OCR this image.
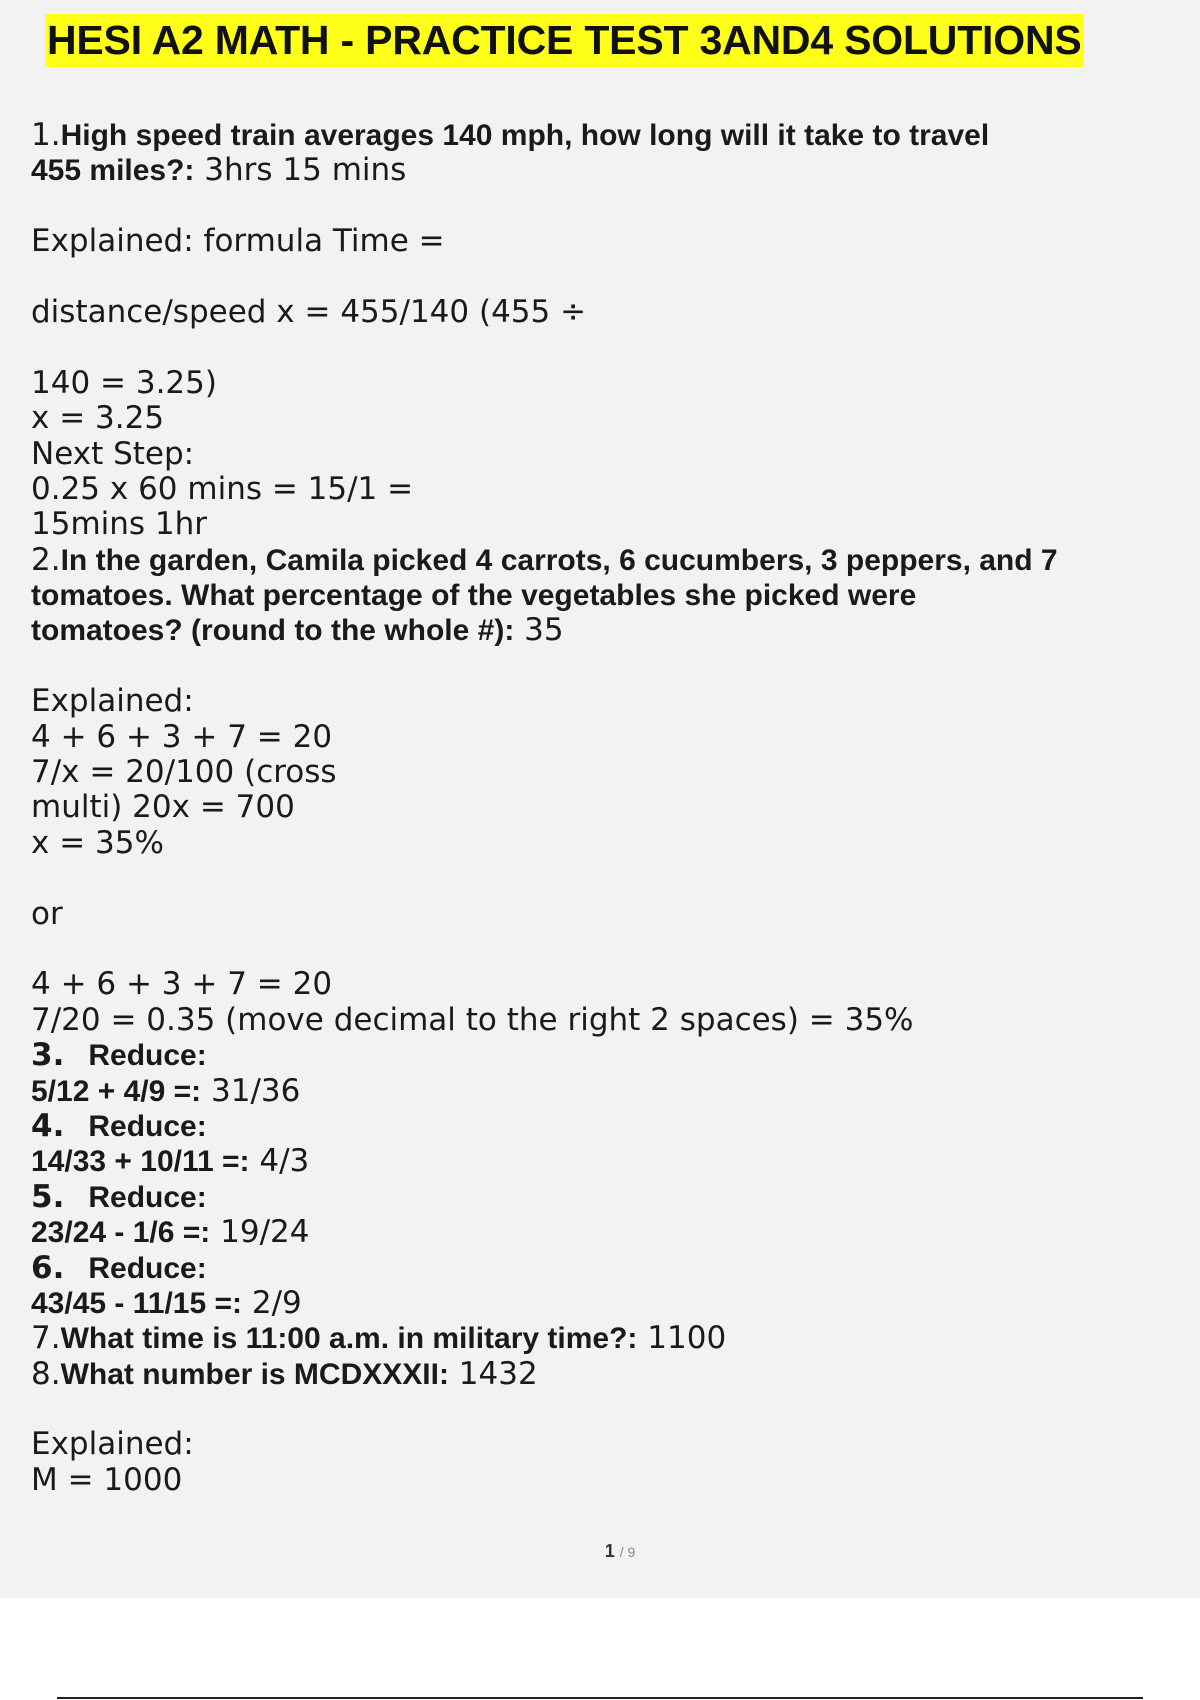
HESI A2 MATH - PRACTICE TEST 3AND4 SOLUTIONS
1.High speed train averages 140 mph, how long will it take to travel
455 miles?: 3hrs 15 mins
Explained: formula Time =
distance/speed x = 455/140 (455 ÷
140 = 3.25)
x = 3.25
Next Step:
0.25 x 60 mins = 15/1 =
15mins 1hr
2.In the garden, Camila picked 4 carrots, 6 cucumbers, 3 peppers, and 7
tomatoes. What percentage of the vegetables she picked were
tomatoes? (round to the whole #): 35
Explained:
4 + 6 + 3 + 7 = 20
7/x = 20/100 (cross
multi) 20x = 700
x = 35%
or
4 + 6 + 3 + 7 = 20
7/20 = 0.35 (move decimal to the right 2 spaces) = 35%
3. Reduce:
5/12 + 4/9 =: 31/36
4. Reduce:
14/33 + 10/11 =: 4/3
5. Reduce:
23/24 - 1/6 =: 19/24
6. Reduce:
43/45 - 11/15 =: 2/9
7.What time is 11:00 a.m. in military time?: 1100
8.What number is MCDXXXII: 1432
Explained:
M = 1000
1 / 9
